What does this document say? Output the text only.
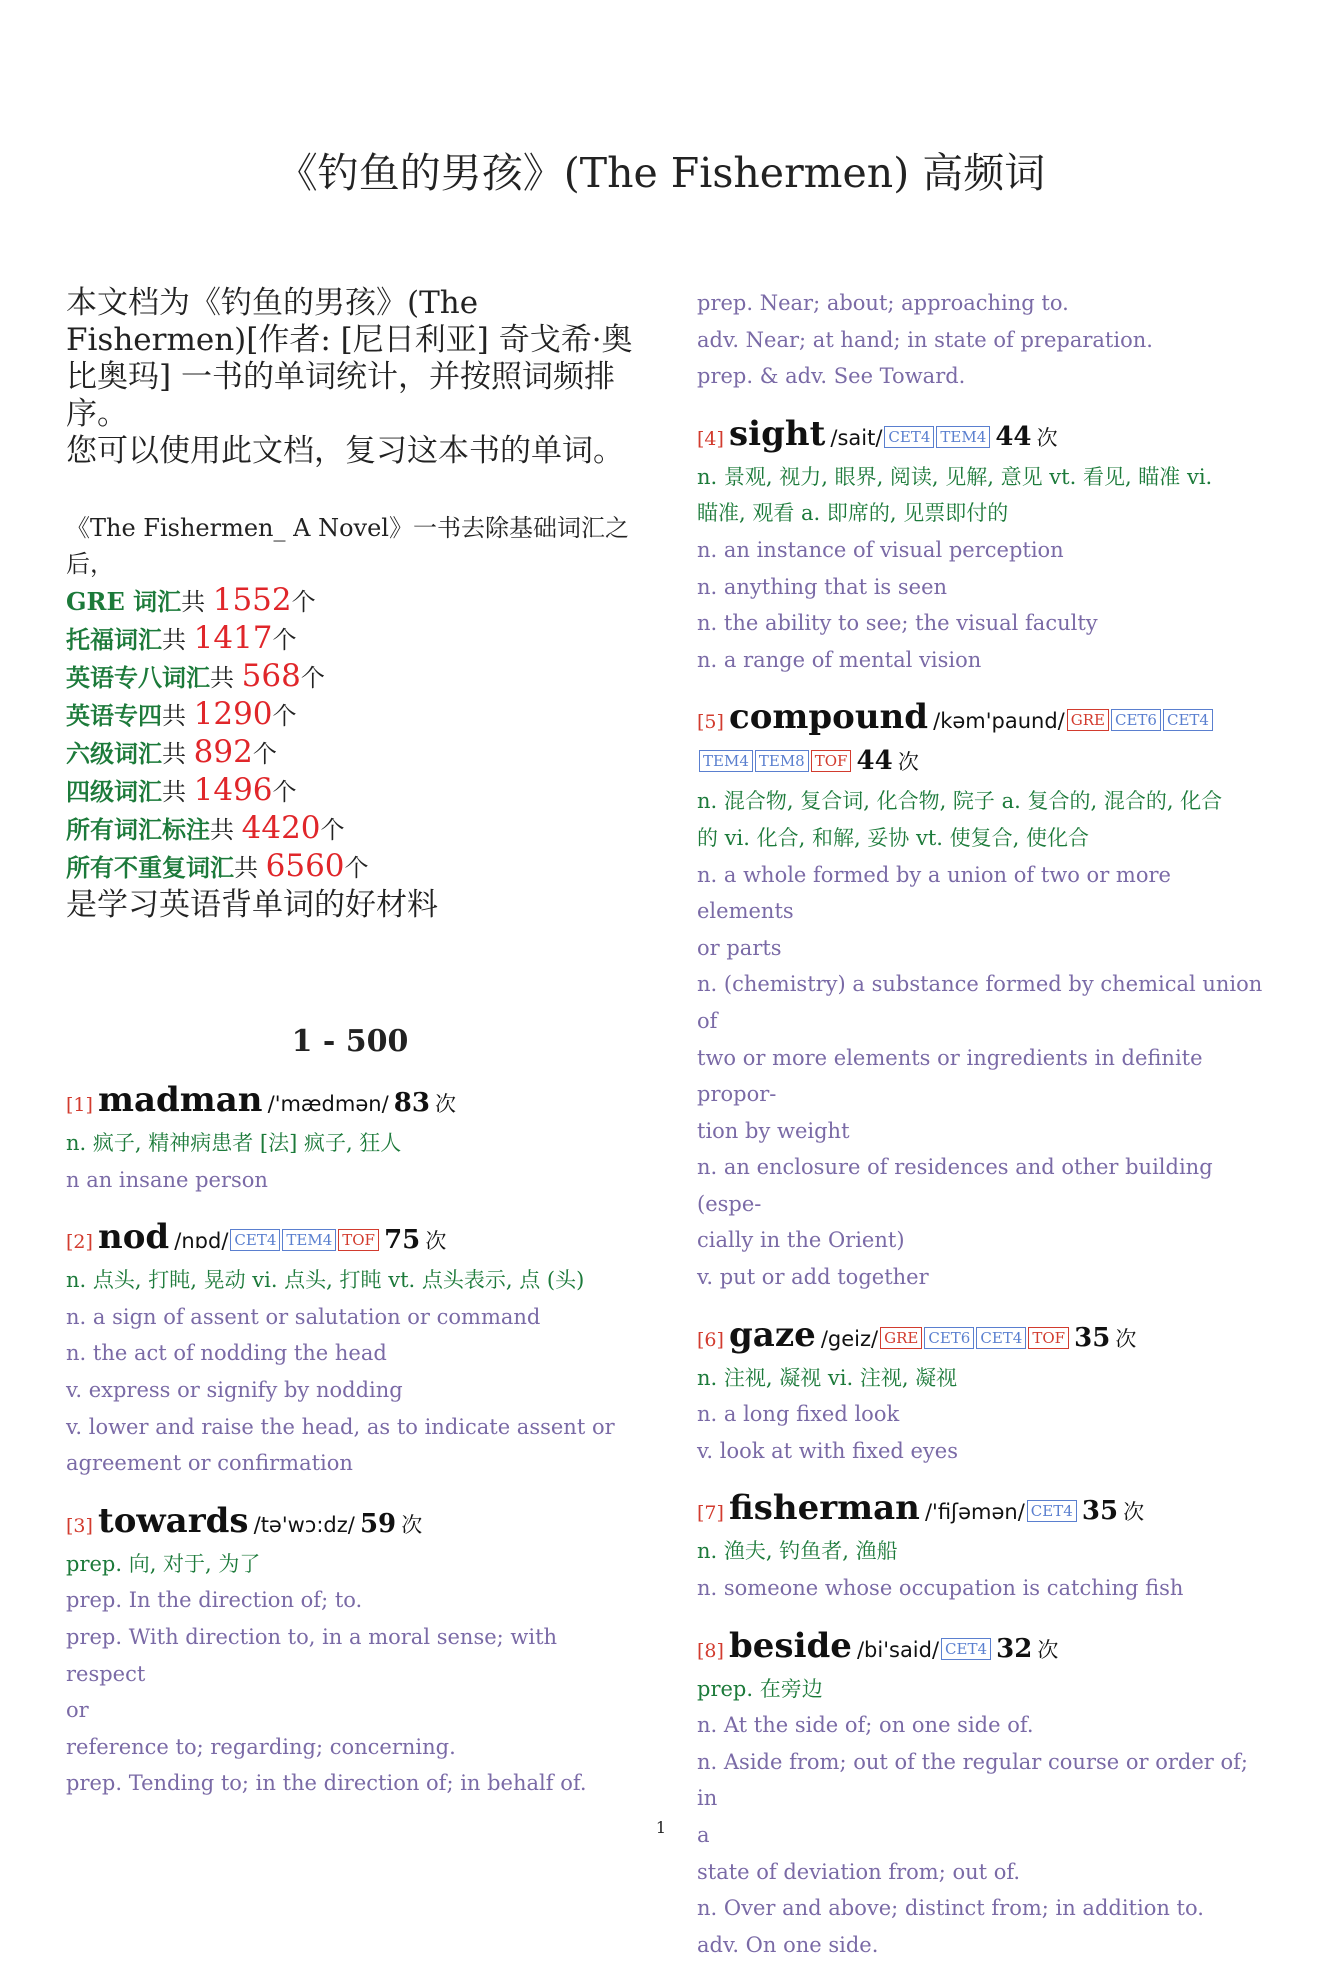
《钓鱼的男孩》(The Fishermen) 高频词

本文档为《钓鱼的男孩》(The Fishermen)[作者: [尼日利亚] 奇戈希·奥比奥玛] 一书的单词统计，并按照词频排序。

您可以使用此文档，复习这本书的单词。

《The Fishermen_ A Novel》一书去除基础词汇之后，
GRE 词汇共 1552个
托福词汇共 1417个
英语专八词汇共 568个
英语专四共 1290个
六级词汇共 892个
四级词汇共 1496个
所有词汇标注共 4420个
所有不重复词汇共 6560个
是学习英语背单词的好材料
1 - 500
[1] madman /'mædmən/ 83 次
n. 疯子, 精神病患者 [法] 疯子, 狂人
n an insane person
[2] nod /nɒd/ CET4 TEM4 TOF 75 次
n. 点头, 打盹, 晃动 vi. 点头, 打盹 vt. 点头表示, 点 (头)
n. a sign of assent or salutation or command
n. the act of nodding the head
v. express or signify by nodding
v. lower and raise the head, as to indicate assent or
agreement or confirmation
[3] towards /tə'wɔ:dz/ 59 次
prep. 向, 对于, 为了
prep. In the direction of; to.
prep. With direction to, in a moral sense; with respect
or
reference to; regarding; concerning.
prep. Tending to; in the direction of; in behalf of.
prep. Near; about; approaching to.
adv. Near; at hand; in state of preparation.
prep. & adv. See Toward.
[4] sight /sait/ CET4 TEM4 44 次
n. 景观, 视力, 眼界, 阅读, 见解, 意见 vt. 看见, 瞄准 vi.
瞄准, 观看 a. 即席的, 见票即付的
n. an instance of visual perception
n. anything that is seen
n. the ability to see; the visual faculty
n. a range of mental vision
[5] compound /kəm'paund/ GRE CET6 CET4TEM4 TEM8 TOF 44 次
n. 混合物, 复合词, 化合物, 院子 a. 复合的, 混合的, 化合
的 vi. 化合, 和解, 妥协 vt. 使复合, 使化合
n. a whole formed by a union of two or more elements
or parts
n. (chemistry) a substance formed by chemical union of
two or more elements or ingredients in definite propor-
tion by weight
n. an enclosure of residences and other building (espe-
cially in the Orient)
v. put or add together
[6] gaze /geiz/ GRE CET6 CET4 TOF 35 次
n. 注视, 凝视 vi. 注视, 凝视
n. a long fixed look
v. look at with fixed eyes
[7] fisherman /'fiʃəmən/ CET4 35 次
n. 渔夫, 钓鱼者, 渔船
n. someone whose occupation is catching fish
[8] beside /bi'said/ CET4 32 次
prep. 在旁边
n. At the side of; on one side of.
n. Aside from; out of the regular course or order of; in
a
state of deviation from; out of.
n. Over and above; distinct from; in addition to.
adv. On one side.
1
